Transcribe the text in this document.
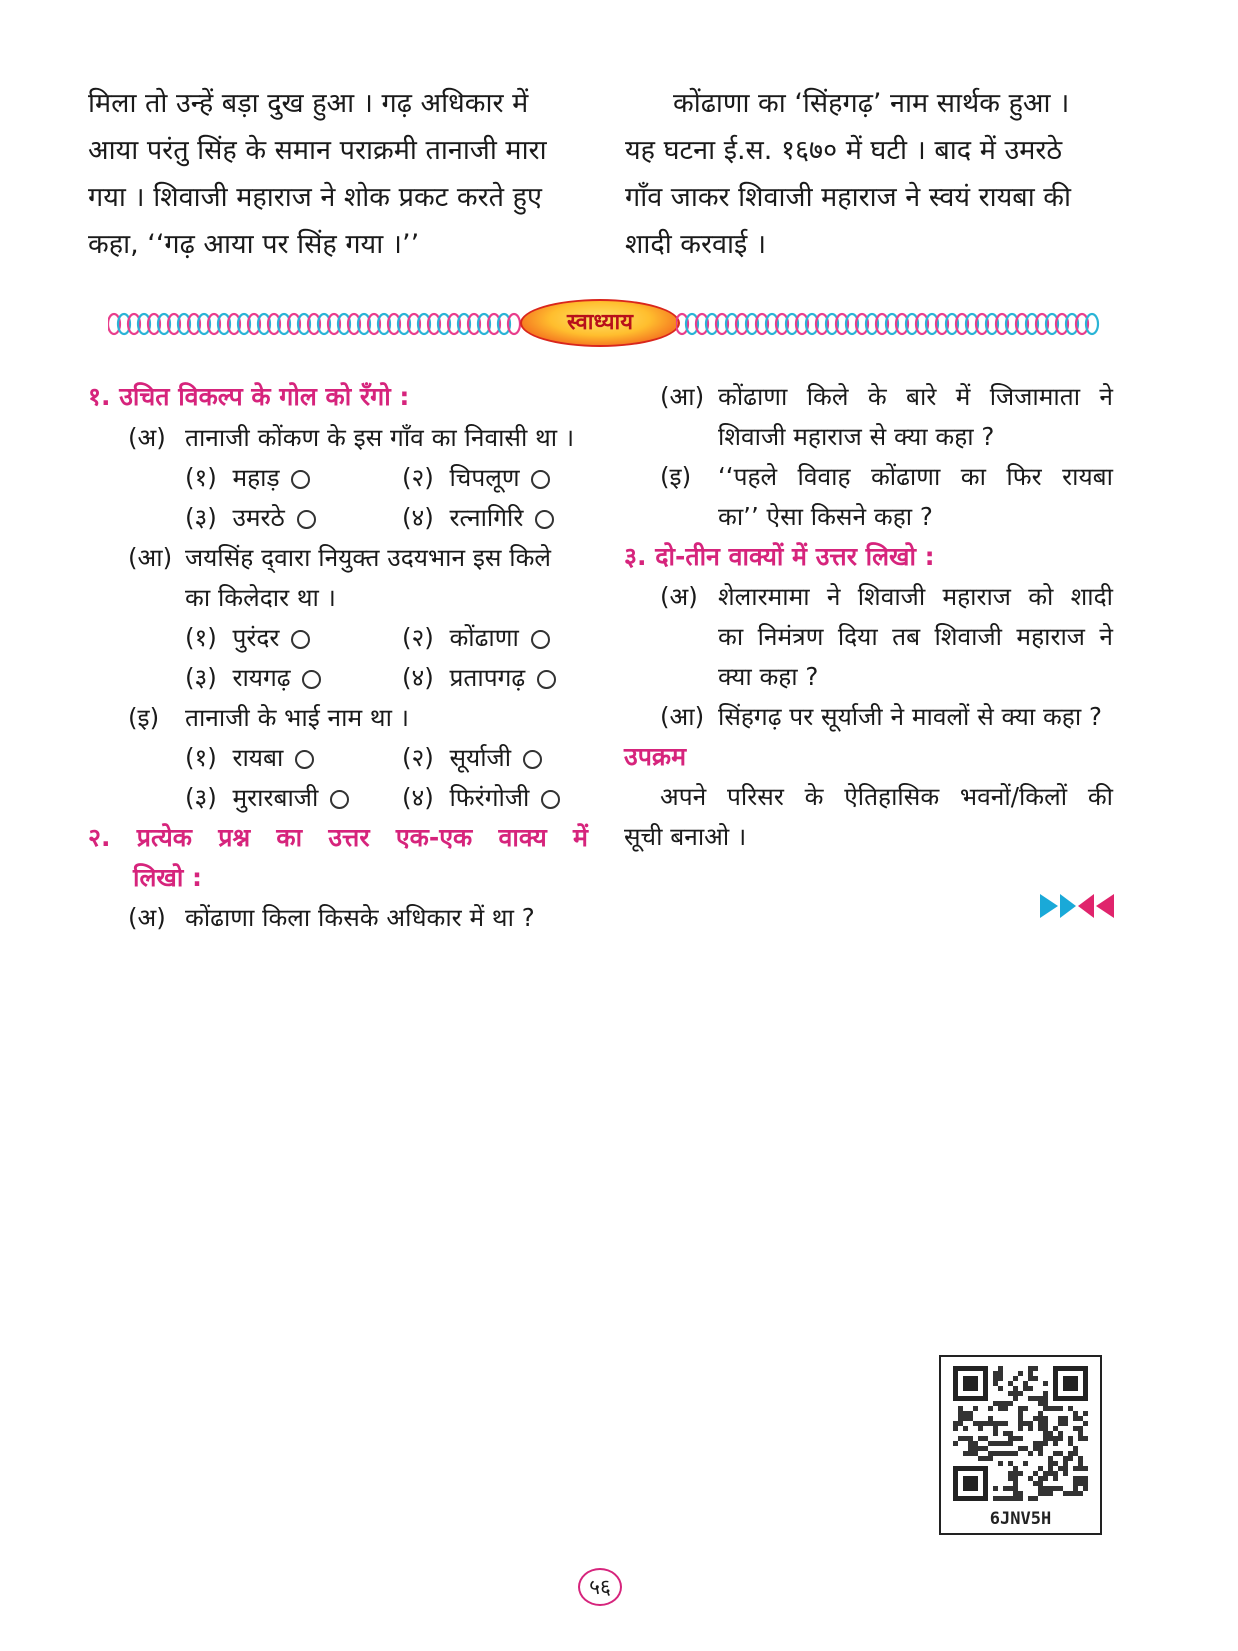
मिला तो उन्हें बड़ा दुख हुआ । गढ़ अधिकार में

आया परंतु सिंह के समान पराक्रमी तानाजी मारा

गया । शिवाजी महाराज ने शोक प्रकट करते हुए

कहा, ‘‘गढ़ आया पर सिंह गया ।’’

कोंढाणा का ‘सिंहगढ़’ नाम सार्थक हुआ ।

यह घटना ई.स. १६७० में घटी । बाद में उमरठे

गाँव जाकर शिवाजी महाराज ने स्वयं रायबा की

शादी करवाई ।

स्वाध्याय

१. उचित विकल्प के गोल को रँगो :

(अ) तानाजी कोंकण के इस गाँव का निवासी था ।
(१) महाड़	(२) चिपलूण
(३) उमरठे	(४) रत्नागिरि
(आ) जयसिंह द्‌वारा नियुक्त उदयभान इस किले
का किलेदार था ।
(१) पुरंदर	(२) कोंढाणा
(३) रायगढ़	(४) प्रतापगढ़
(इ) तानाजी के भाई नाम था ।
(१) रायबा	(२) सूर्याजी
(३) मुरारबाजी	(४) फिरंगोजी

२. प्रत्येक प्रश्न का उत्तर एक-एक वाक्य में

लिखो :

(अ) कोंढाणा किला किसके अधिकार में था ?
(आ) कोंढाणा किले के बारे में जिजामाता ने
शिवाजी महाराज से क्या कहा ?
(इ) ‘‘पहले विवाह कोंढाणा का फिर रायबा
का’’ ऐसा किसने कहा ?

३. दो-तीन वाक्यों में उत्तर लिखो :

(अ) शेलारमामा ने शिवाजी महाराज को शादी
का निमंत्रण दिया तब शिवाजी महाराज ने
क्या कहा ?
(आ) सिंहगढ़ पर सूर्याजी ने मावलों से क्या कहा ?

उपक्रम

अपने परिसर के ऐतिहासिक भवनों/किलों की
सूची बनाओ ।
6JNV5H
५६
